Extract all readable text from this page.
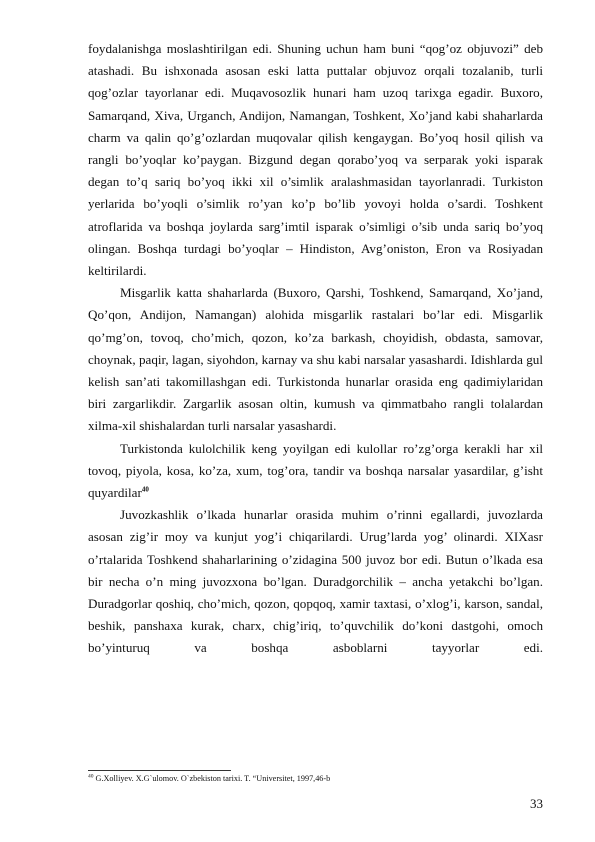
foydalanishga moslashtirilgan edi. Shuning uchun ham buni “qog’oz objuvozi” deb atashadi. Bu ishxonada asosan eski latta puttalar objuvoz orqali tozalanib, turli qog’ozlar tayorlanar edi. Muqavosozlik hunari ham uzoq tarixga egadir. Buxoro, Samarqand, Xiva, Urganch, Andijon, Namangan, Toshkent, Xo’jand kabi shaharlarda charm va qalin qo’g’ozlardan muqovalar qilish kengaygan. Bo’yoq hosil qilish va rangli bo’yoqlar ko’paygan. Bizgund degan qorabo’yoq va serparak yoki isparak degan to’q sariq bo’yoq ikki xil o’simlik aralashmasidan tayorlanradi. Turkiston yerlarida bo’yoqli o’simlik ro’yan ko’p bo’lib yovoyi holda o’sardi. Toshkent atroflarida va boshqa joylarda sarg’imtil isparak o’simligi o’sib unda sariq bo’yoq olingan. Boshqa turdagi bo’yoqlar – Hindiston, Avg’oniston, Eron va Rosiyadan keltirilardi.

Misgarlik katta shaharlarda (Buxoro, Qarshi, Toshkend, Samarqand, Xo’jand, Qo’qon, Andijon, Namangan) alohida misgarlik rastalari bo’lar edi. Misgarlik qo’mg’on, tovoq, cho’mich, qozon, ko’za barkash, choyidish, obdasta, samovar, choynak, paqir, lagan, siyohdon, karnay va shu kabi narsalar yasashardi. Idishlarda gul kelish san’ati takomillashgan edi. Turkistonda hunarlar orasida eng qadimiylaridan biri zargarlikdir. Zargarlik asosan oltin, kumush va qimmatbaho rangli tolalardan xilma-xil shishalardan turli narsalar yasashardi.

Turkistonda kulolchilik keng yoyilgan edi kulollar ro’zg’orga kerakli har xil tovoq, piyola, kosa, ko’za, xum, tog’ora, tandir va boshqa narsalar yasardilar, g’isht quyardilar$^{40}$

Juvozkashlik o’lkada hunarlar orasida muhim o’rinni egallardi, juvozlarda asosan zig’ir moy va kunjut yog’i chiqarilardi. Urug’larda yog’ olinardi. XIXasr o’rtalarida Toshkend shaharlarining o’zidagina 500 juvoz bor edi. Butun o’lkada esa bir necha o’n ming juvozxona bo’lgan. Duradgorchilik – ancha yetakchi bo’lgan. Duradgorlar qoshiq, cho’mich, qozon, qopqoq, xamir taxtasi, o’xlog’i, karson, sandal, beshik, panshaxa kurak, charx, chig’iriq, to’quvchilik do’koni dastgohi, omoch bo’yinturuq va boshqa asboblarni tayyorlar edi.

$^{40}$ G.Xolliyev. X.G`ulomov. O`zbekiston tarixi. T. “Universitet, 1997,46-b

33
